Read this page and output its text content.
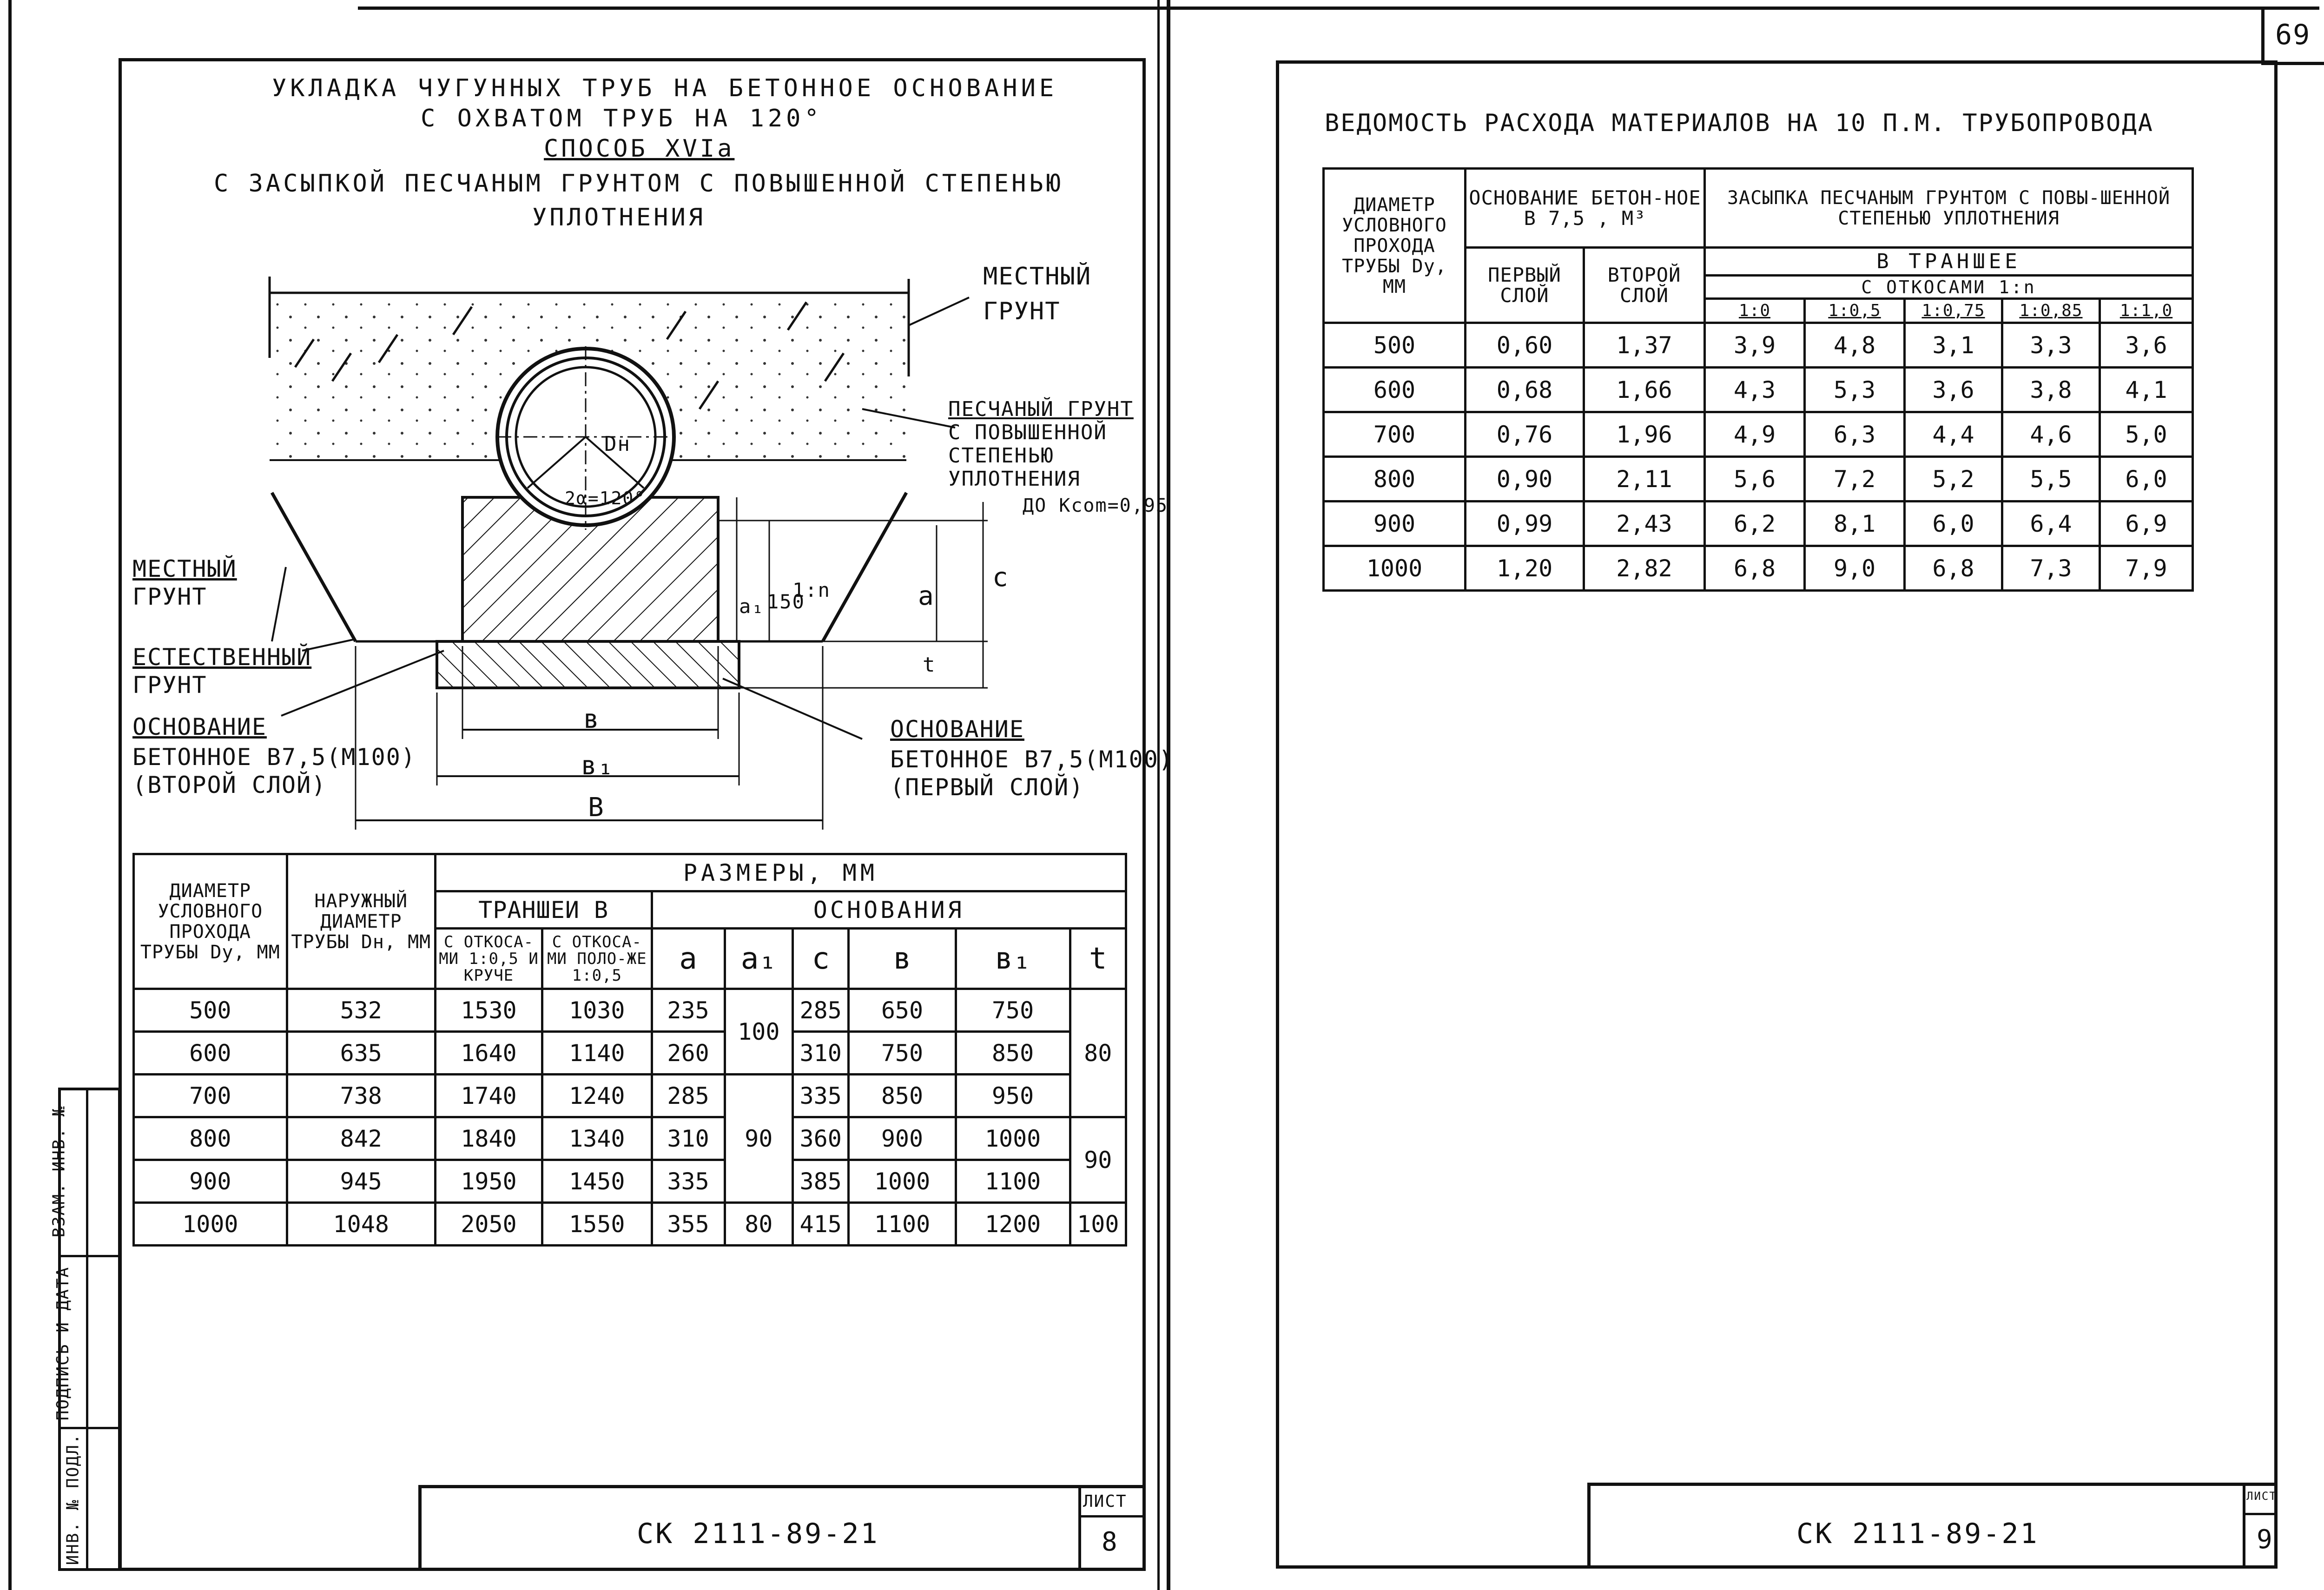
69
УКЛАДКА ЧУГУННЫХ ТРУБ НА БЕТОННОЕ ОСНОВАНИЕ
С ОХВАТОМ ТРУБ НА 120°
СПОСОБ XVIа
С ЗАСЫПКОЙ ПЕСЧАНЫМ ГРУНТОМ С ПОВЫШЕННОЙ СТЕПЕНЬЮ
УПЛОТНЕНИЯ
МЕСТНЫЙ
ГРУНТ
ПЕСЧАНЫЙ ГРУНТ
С ПОВЫШЕННОЙ
СТЕПЕНЬЮ
УПЛОТНЕНИЯ
ДО Kcom=0,95
МЕСТНЫЙ
ГРУНТ
ЕСТЕСТВЕННЫЙ
ГРУНТ
ОСНОВАНИЕ
БЕТОННОЕ В7,5(М100)
(ВТОРОЙ СЛОЙ)
ОСНОВАНИЕ
БЕТОННОЕ В7,5(М100)
(ПЕРВЫЙ СЛОЙ)
Dн
2α=120°
a
c
a₁ 150
1:n
t
в
в₁
В
ДИАМЕТР УСЛОВНОГО ПРОХОДА ТРУБЫ Dу, ММ	НАРУЖНЫЙ ДИАМЕТР ТРУБЫ Dн, ММ	РАЗМЕРЫ, ММ							
		ТРАНШЕИ В		ОСНОВАНИЯ					
		С ОТКОСА-МИ 1:0,5 И КРУЧЕ	С ОТКОСА-МИ ПОЛО-ЖЕ 1:0,5	a	a₁	c	в	в₁	t
500	532	1530	1030	235	100	285	650	750	80
600	635	1640	1140	260		310	750	850	
700	738	1740	1240	285	90	335	850	950	
800	842	1840	1340	310		360	900	1000	90
900	945	1950	1450	335		385	1000	1100	
1000	1048	2050	1550	355	80	415	1100	1200	100
ВЗАМ. ИНВ. №
ПОДПИСЬ И ДАТА
ИНВ. № ПОДЛ.	СК 2111-89-21
ЛИСТ
8
ВЕДОМОСТЬ РАСХОДА МАТЕРИАЛОВ НА 10 П.М. ТРУБОПРОВОДА
ДИАМЕТР УСЛОВНОГО ПРОХОДА ТРУБЫ Dу, ММ	ОСНОВАНИЕ БЕТОН-НОЕ В 7,5 , М³		ЗАСЫПКА ПЕСЧАНЫМ ГРУНТОМ С ПОВЫ-ШЕННОЙ СТЕПЕНЬЮ УПЛОТНЕНИЯ				
	ПЕРВЫЙ СЛОЙ	ВТОРОЙ СЛОЙ	В ТРАНШЕЕ				
			С ОТКОСАМИ 1:n				
			1:0	1:0,5	1:0,75	1:0,85	1:1,0
500	0,60	1,37	3,9	4,8	3,1	3,3	3,6
600	0,68	1,66	4,3	5,3	3,6	3,8	4,1
700	0,76	1,96	4,9	6,3	4,4	4,6	5,0
800	0,90	2,11	5,6	7,2	5,2	5,5	6,0
900	0,99	2,43	6,2	8,1	6,0	6,4	6,9
1000	1,20	2,82	6,8	9,0	6,8	7,3	7,9
СК 2111-89-21
ЛИСТ
9
